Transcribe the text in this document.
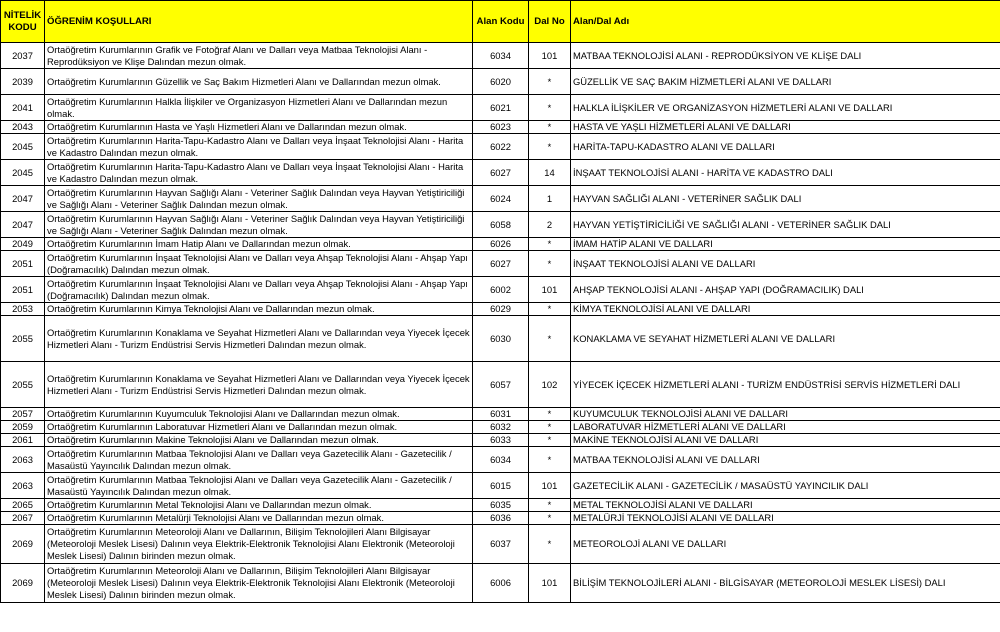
NİTELİK KODU	ÖĞRENİM KOŞULLARI	Alan Kodu	Dal No	Alan/Dal Adı
2037	Ortaöğretim Kurumlarının Grafik ve Fotoğraf Alanı ve Dalları veya Matbaa Teknolojisi Alanı - Reprodüksiyon ve Klişe Dalından mezun olmak.	6034	101	MATBAA TEKNOLOJİSİ ALANI - REPRODÜKSİYON VE KLİŞE DALI
2039	Ortaöğretim Kurumlarının Güzellik ve Saç Bakım Hizmetleri Alanı ve Dallarından mezun olmak.	6020	*	GÜZELLİK VE SAÇ BAKIM HİZMETLERİ ALANI VE DALLARI
2041	Ortaöğretim Kurumlarının Halkla İlişkiler ve Organizasyon Hizmetleri Alanı ve Dallarından mezun olmak.	6021	*	HALKLA İLİŞKİLER VE ORGANİZASYON HİZMETLERİ ALANI VE DALLARI
2043	Ortaöğretim Kurumlarının Hasta ve Yaşlı Hizmetleri Alanı ve Dallarından mezun olmak.	6023	*	HASTA VE YAŞLI HİZMETLERİ ALANI VE DALLARI
2045	Ortaöğretim Kurumlarının Harita-Tapu-Kadastro Alanı ve Dalları veya İnşaat Teknolojisi Alanı - Harita ve Kadastro Dalından mezun olmak.	6022	*	HARİTA-TAPU-KADASTRO ALANI VE DALLARI
2045	Ortaöğretim Kurumlarının Harita-Tapu-Kadastro Alanı ve Dalları veya İnşaat Teknolojisi Alanı - Harita ve Kadastro Dalından mezun olmak.	6027	14	İNŞAAT TEKNOLOJİSİ ALANI - HARİTA VE KADASTRO DALI
2047	Ortaöğretim Kurumlarının Hayvan Sağlığı Alanı - Veteriner Sağlık Dalından veya Hayvan Yetiştiriciliği ve Sağlığı Alanı - Veteriner Sağlık Dalından mezun olmak.	6024	1	HAYVAN SAĞLIĞI ALANI - VETERİNER SAĞLIK DALI
2047	Ortaöğretim Kurumlarının Hayvan Sağlığı Alanı - Veteriner Sağlık Dalından veya Hayvan Yetiştiriciliği ve Sağlığı Alanı - Veteriner Sağlık Dalından mezun olmak.	6058	2	HAYVAN YETİŞTİRİCİLİĞİ VE SAĞLIĞI ALANI - VETERİNER SAĞLIK DALI
2049	Ortaöğretim Kurumlarının İmam Hatip Alanı ve Dallarından mezun olmak.	6026	*	İMAM HATİP ALANI VE DALLARI
2051	Ortaöğretim Kurumlarının İnşaat Teknolojisi Alanı ve Dalları veya Ahşap Teknolojisi Alanı - Ahşap Yapı (Doğramacılık) Dalından mezun olmak.	6027	*	İNŞAAT TEKNOLOJİSİ ALANI VE DALLARI
2051	Ortaöğretim Kurumlarının İnşaat Teknolojisi Alanı ve Dalları veya Ahşap Teknolojisi Alanı - Ahşap Yapı (Doğramacılık) Dalından mezun olmak.	6002	101	AHŞAP TEKNOLOJİSİ ALANI - AHŞAP YAPI (DOĞRAMACILIK) DALI
2053	Ortaöğretim Kurumlarının Kimya Teknolojisi Alanı ve Dallarından mezun olmak.	6029	*	KİMYA TEKNOLOJİSİ ALANI VE DALLARI
2055	Ortaöğretim Kurumlarının Konaklama ve Seyahat Hizmetleri Alanı ve Dallarından veya Yiyecek İçecek Hizmetleri Alanı - Turizm Endüstrisi Servis Hizmetleri Dalından mezun olmak.	6030	*	KONAKLAMA VE SEYAHAT HİZMETLERİ ALANI VE DALLARI
2055	Ortaöğretim Kurumlarının Konaklama ve Seyahat Hizmetleri Alanı ve Dallarından veya Yiyecek İçecek Hizmetleri Alanı - Turizm Endüstrisi Servis Hizmetleri Dalından mezun olmak.	6057	102	YİYECEK İÇECEK HİZMETLERİ ALANI - TURİZM ENDÜSTRİSİ SERVİS HİZMETLERİ DALI
2057	Ortaöğretim Kurumlarının Kuyumculuk Teknolojisi Alanı ve Dallarından mezun olmak.	6031	*	KUYUMCULUK TEKNOLOJİSİ ALANI VE DALLARI
2059	Ortaöğretim Kurumlarının Laboratuvar Hizmetleri Alanı ve Dallarından mezun olmak.	6032	*	LABORATUVAR HİZMETLERİ ALANI VE DALLARI
2061	Ortaöğretim Kurumlarının Makine Teknolojisi Alanı ve Dallarından mezun olmak.	6033	*	MAKİNE TEKNOLOJİSİ ALANI VE DALLARI
2063	Ortaöğretim Kurumlarının Matbaa Teknolojisi Alanı ve Dalları veya Gazetecilik Alanı - Gazetecilik / Masaüstü Yayıncılık Dalından mezun olmak.	6034	*	MATBAA TEKNOLOJİSİ ALANI VE DALLARI
2063	Ortaöğretim Kurumlarının Matbaa Teknolojisi Alanı ve Dalları veya Gazetecilik Alanı - Gazetecilik / Masaüstü Yayıncılık Dalından mezun olmak.	6015	101	GAZETECİLİK ALANI - GAZETECİLİK / MASAÜSTÜ YAYINCILIK DALI
2065	Ortaöğretim Kurumlarının Metal Teknolojisi Alanı ve Dallarından mezun olmak.	6035	*	METAL TEKNOLOJİSİ ALANI VE DALLARI
2067	Ortaöğretim Kurumlarının Metalürji Teknolojisi Alanı ve Dallarından mezun olmak.	6036	*	METALÜRJİ TEKNOLOJİSİ ALANI VE DALLARI
2069	Ortaöğretim Kurumlarının Meteoroloji Alanı ve Dallarının, Bilişim Teknolojileri Alanı Bilgisayar (Meteoroloji Meslek Lisesi) Dalının veya Elektrik-Elektronik Teknolojisi Alanı Elektronik (Meteoroloji Meslek Lisesi) Dalının birinden mezun olmak.	6037	*	METEOROLOJİ ALANI VE DALLARI
2069	Ortaöğretim Kurumlarının Meteoroloji Alanı ve Dallarının, Bilişim Teknolojileri Alanı Bilgisayar (Meteoroloji Meslek Lisesi) Dalının veya Elektrik-Elektronik Teknolojisi Alanı Elektronik (Meteoroloji Meslek Lisesi) Dalının birinden mezun olmak.	6006	101	BİLİŞİM TEKNOLOJİLERİ ALANI - BİLGİSAYAR (METEOROLOJİ MESLEK LİSESİ) DALI
